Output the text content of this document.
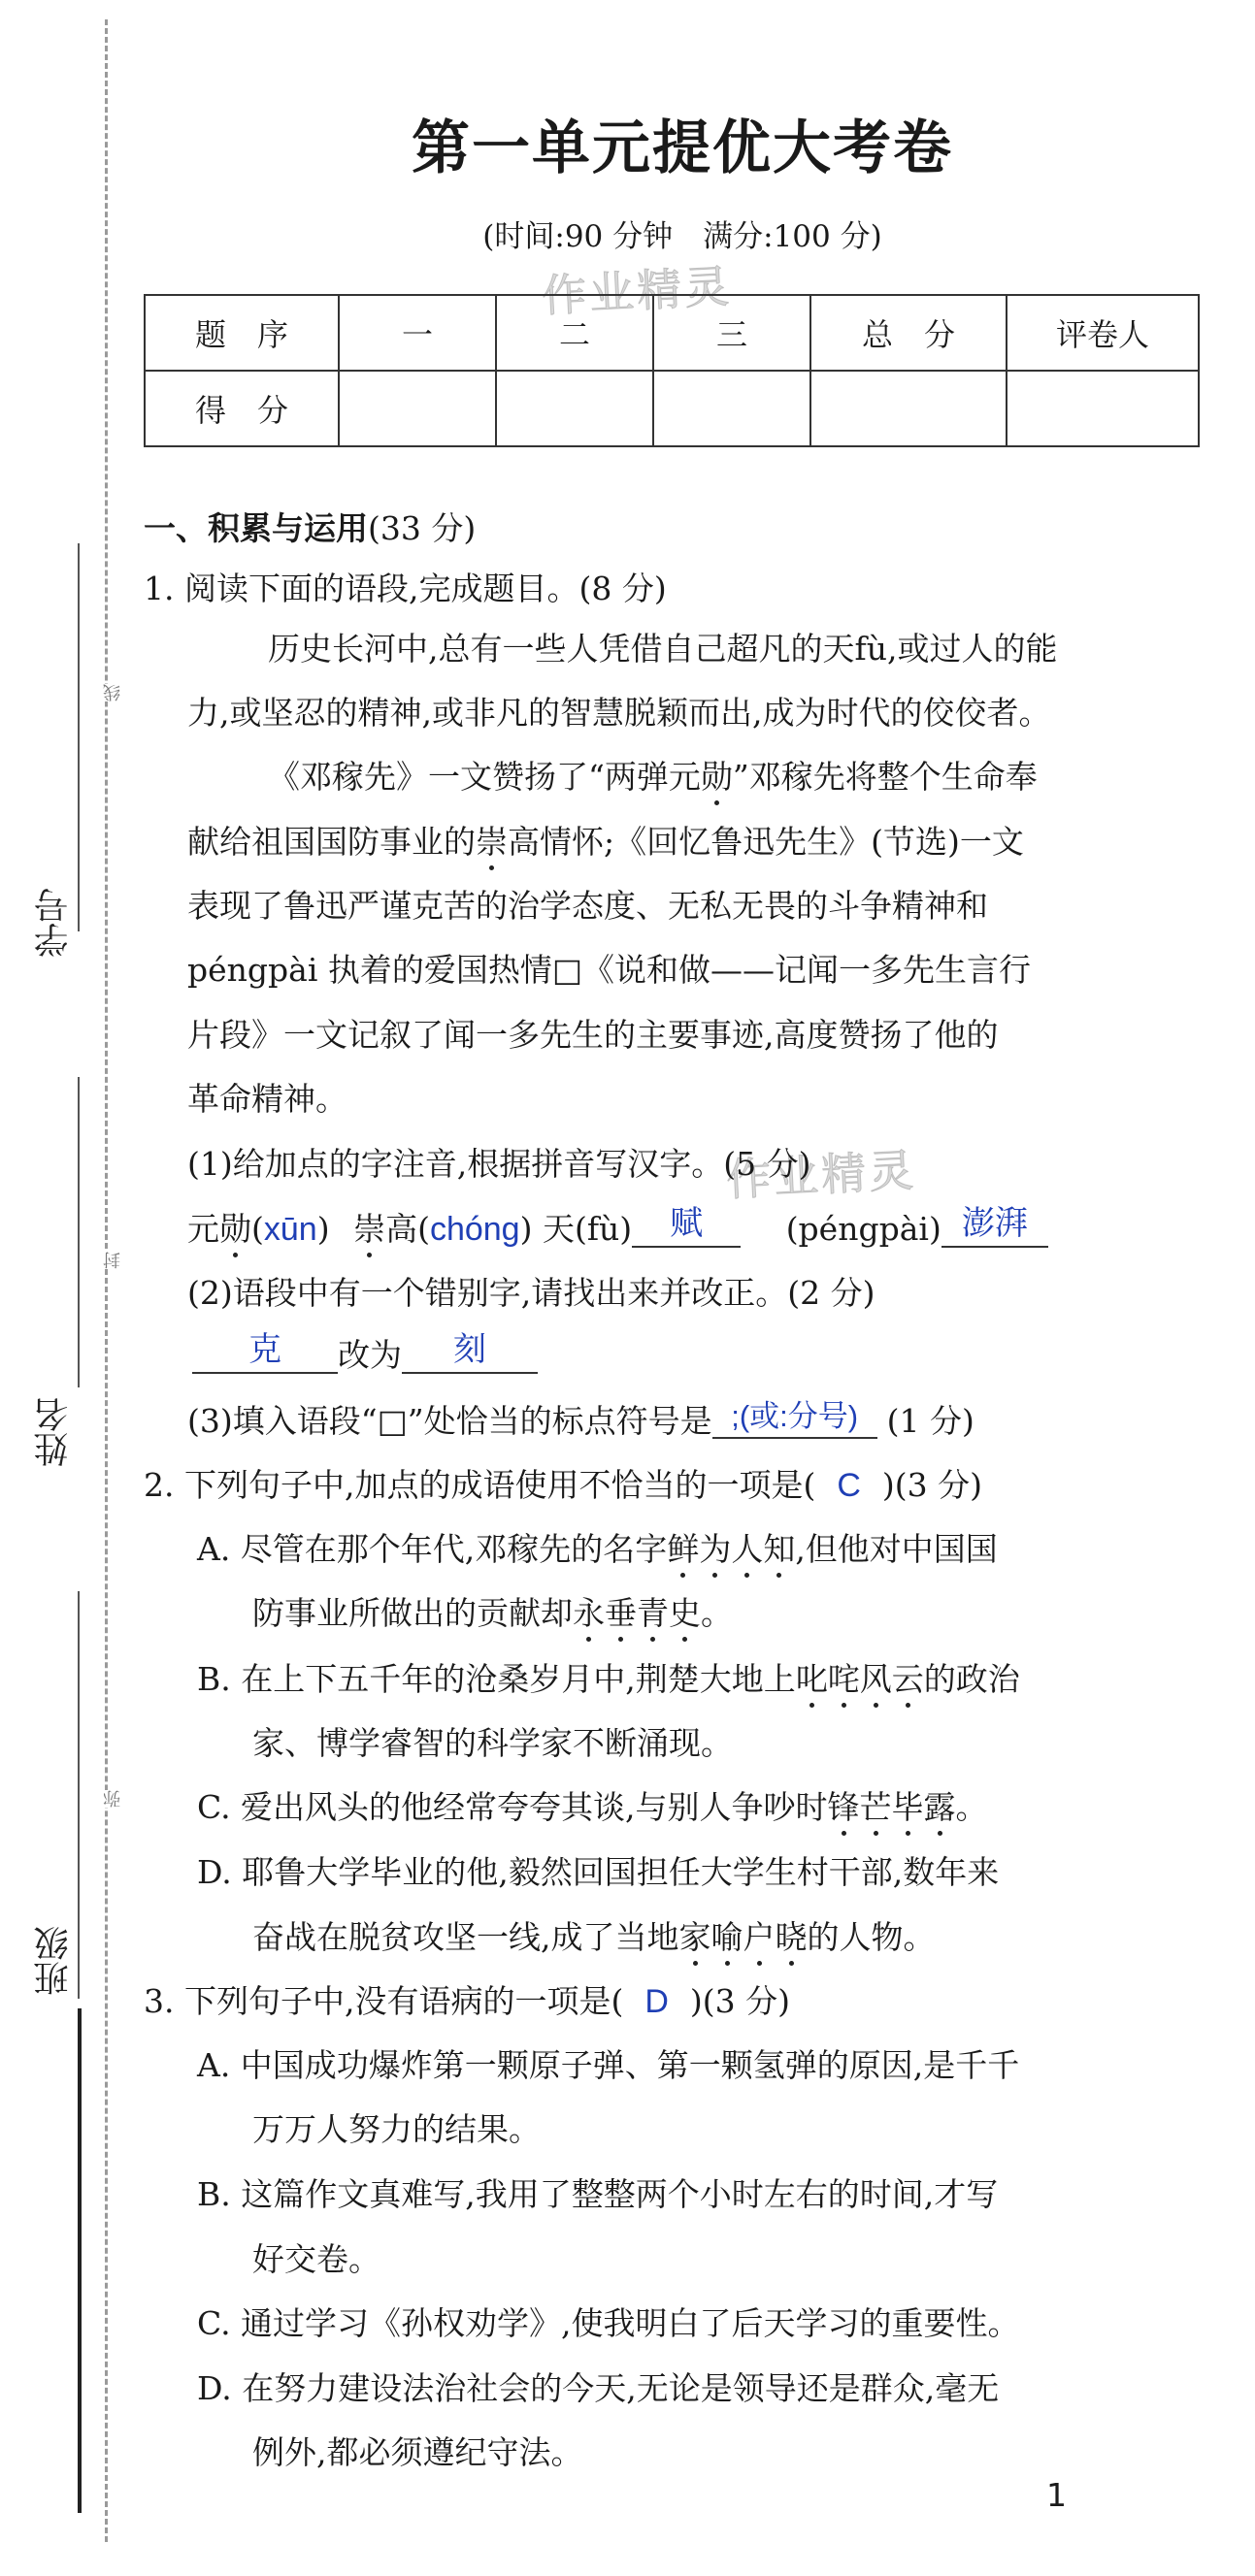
学号
姓名
班级
线
封
弥
第一单元提优大考卷
(时间:90 分钟　满分:100 分)
作业精灵
作业精灵
题　序	一	二	三	总　分	评卷人
得　分					
一、积累与运用(33 分)
1. 阅读下面的语段,完成题目。(8 分)
历史长河中,总有一些人凭借自己超凡的天fù,或过人的能
力,或坚忍的精神,或非凡的智慧脱颖而出,成为时代的佼佼者。
《邓稼先》一文赞扬了“两弹元勋”邓稼先将整个生命奉
献给祖国国防事业的崇高情怀;《回忆鲁迅先生》(节选)一文
表现了鲁迅严谨克苦的治学态度、无私无畏的斗争精神和
péngpài 执着的爱国热情□《说和做——记闻一多先生言行
片段》一文记叙了闻一多先生的主要事迹,高度赞扬了他的
革命精神。
(1)给加点的字注音,根据拼音写汉字。(5 分)
元勋(xūn) 崇高(chóng) 天(fù) 赋	(péngpài) 澎湃
(2)语段中有一个错别字,请找出来并改正。(2 分)
克 改为 刻
(3)填入语段“□”处恰当的标点符号是 ;(或:分号) (1 分)
2. 下列句子中,加点的成语使用不恰当的一项是( C )(3 分)
A. 尽管在那个年代,邓稼先的名字鲜为人知,但他对中国国
防事业所做出的贡献却永垂青史。
B. 在上下五千年的沧桑岁月中,荆楚大地上叱咤风云的政治
家、博学睿智的科学家不断涌现。
C. 爱出风头的他经常夸夸其谈,与别人争吵时锋芒毕露。
D. 耶鲁大学毕业的他,毅然回国担任大学生村干部,数年来
奋战在脱贫攻坚一线,成了当地家喻户晓的人物。
3. 下列句子中,没有语病的一项是( D )(3 分)
A. 中国成功爆炸第一颗原子弹、第一颗氢弹的原因,是千千
万万人努力的结果。
B. 这篇作文真难写,我用了整整两个小时左右的时间,才写
好交卷。
C. 通过学习《孙权劝学》,使我明白了后天学习的重要性。
D. 在努力建设法治社会的今天,无论是领导还是群众,毫无
例外,都必须遵纪守法。
1
